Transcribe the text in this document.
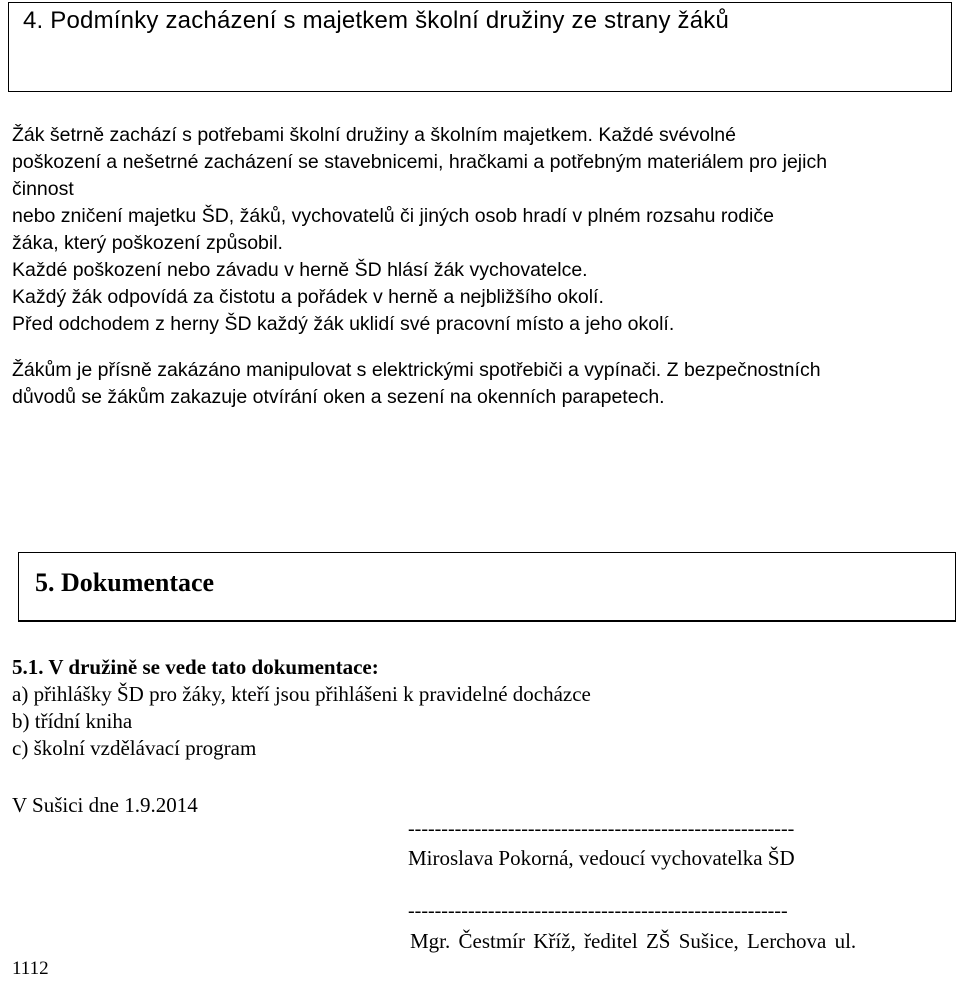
4. Podmínky zacházení s majetkem školní družiny ze strany žáků
Žák šetrně zachází s potřebami školní družiny a školním majetkem. Každé svévolné
poškození a nešetrné zacházení se stavebnicemi, hračkami a potřebným materiálem pro jejich
činnost
nebo zničení majetku ŠD, žáků, vychovatelů či jiných osob hradí v plném rozsahu rodiče
žáka, který poškození způsobil.
Každé poškození nebo závadu v herně ŠD hlásí žák vychovatelce.
Každý žák odpovídá za čistotu a pořádek v herně a nejbližšího okolí.
Před odchodem z herny ŠD každý žák uklidí své pracovní místo a jeho okolí.
Žákům je přísně zakázáno manipulovat s elektrickými spotřebiči a vypínači. Z bezpečnostních
důvodů se žákům zakazuje otvírání oken a sezení na okenních parapetech.
5. Dokumentace
5.1. V družině se vede tato dokumentace:
a) přihlášky ŠD pro žáky, kteří jsou přihlášeni k pravidelné docházce
b) třídní kniha
c) školní vzdělávací program
V Sušici dne 1.9.2014
----------------------------------------------------------
Miroslava Pokorná, vedoucí vychovatelka ŠD
---------------------------------------------------------
Mgr. Čestmír Kříž, ředitel ZŠ Sušice, Lerchova ul.
1112
